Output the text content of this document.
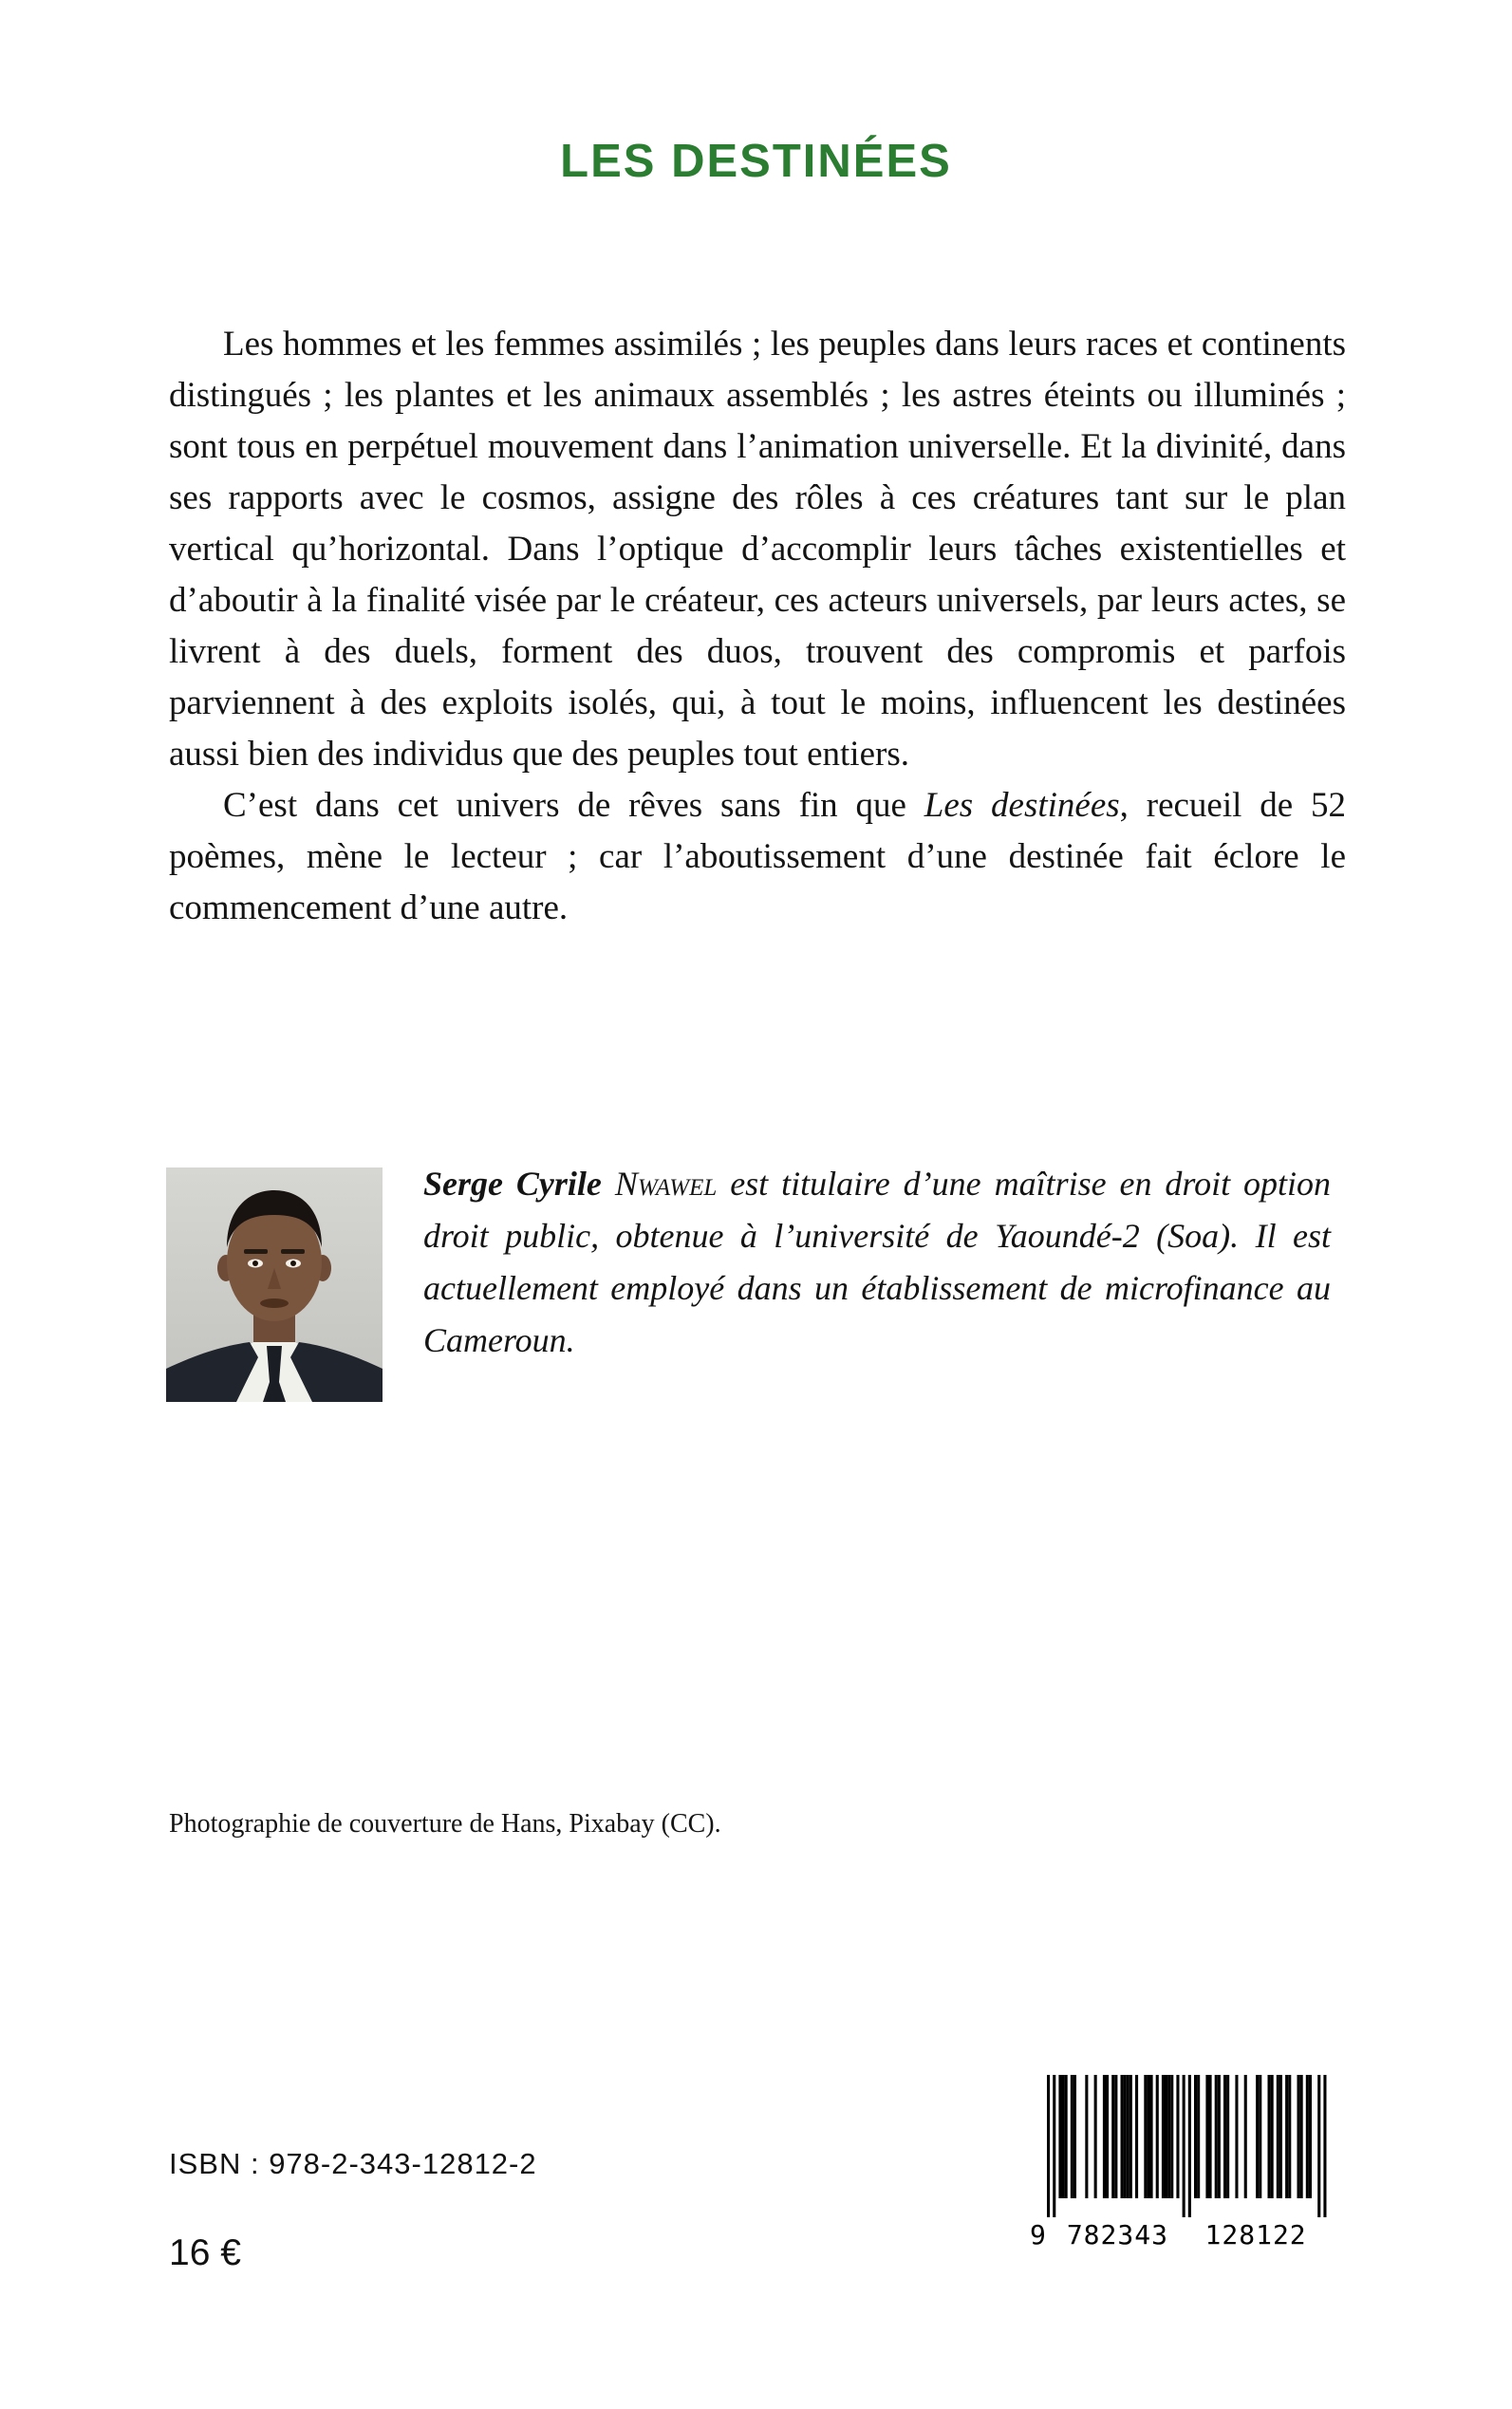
LES DESTINÉES

Les hommes et les femmes assimilés ; les peuples dans leurs races et continents distingués ; les plantes et les animaux assemblés ; les astres éteints ou illuminés ; sont tous en perpétuel mouvement dans l’animation universelle. Et la divinité, dans ses rapports avec le cosmos, assigne des rôles à ces créatures tant sur le plan vertical qu’horizontal. Dans l’optique d’accomplir leurs tâches existentielles et d’aboutir à la finalité visée par le créateur, ces acteurs universels, par leurs actes, se livrent à des duels, forment des duos, trouvent des compromis et parfois parviennent à des exploits isolés, qui, à tout le moins, influencent les destinées aussi bien des individus que des peuples tout entiers.

C’est dans cet univers de rêves sans fin que Les destinées, recueil de 52 poèmes, mène le lecteur ; car l’aboutissement d’une destinée fait éclore le commencement d’une autre.

Serge Cyrile Nwawel est titulaire d’une maîtrise en droit option droit public, obtenue à l’université de Yaoundé-2 (Soa). Il est actuellement employé dans un établissement de microfinance au Cameroun.

Photographie de couverture de Hans, Pixabay (CC).

ISBN : 978-2-343-12812-2

16 €	9 782343 128122
